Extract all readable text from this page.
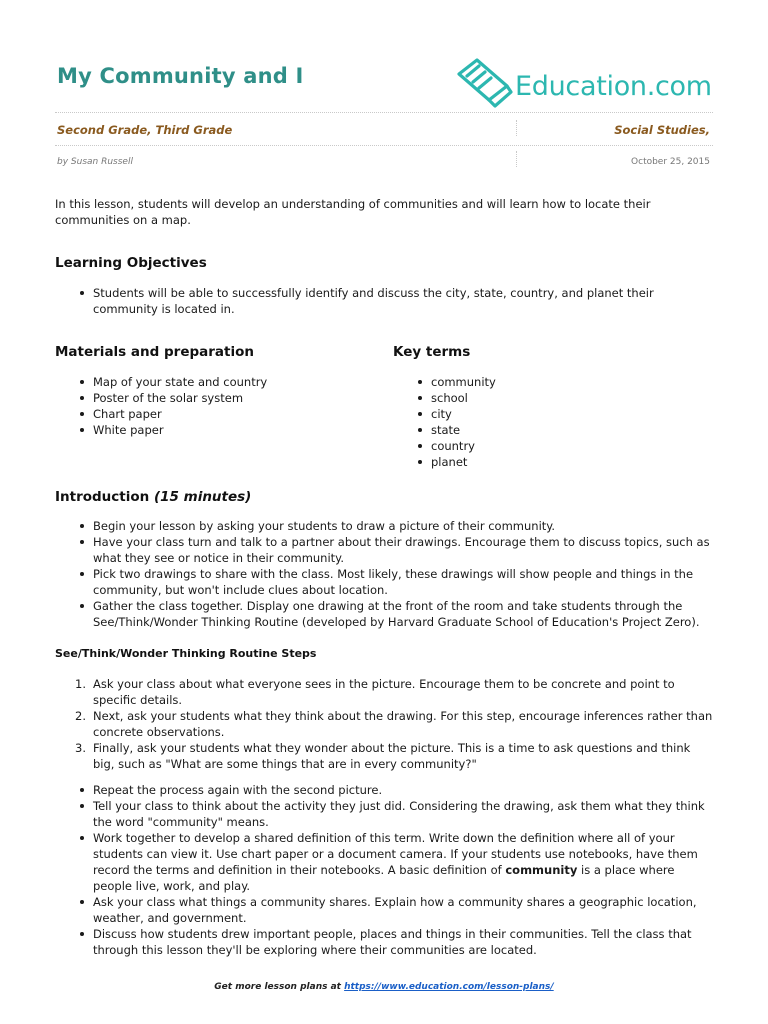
My Community and I	Education.com
Second Grade, Third Grade	Social Studies,
by Susan Russell	October 25, 2015

In this lesson, students will develop an understanding of communities and will learn how to locate their communities on a map.

Learning Objectives
Students will be able to successfully identify and discuss the city, state, country, and planet their community is located in.
Materials and preparation
Map of your state and country
Poster of the solar system
Chart paper
White paper
Key terms
community
school
city
state
country
planet
Introduction (15 minutes)
Begin your lesson by asking your students to draw a picture of their community.
Have your class turn and talk to a partner about their drawings. Encourage them to discuss topics, such as what they see or notice in their community.
Pick two drawings to share with the class. Most likely, these drawings will show people and things in the community, but won't include clues about location.
Gather the class together. Display one drawing at the front of the room and take students through the See/Think/Wonder Thinking Routine (developed by Harvard Graduate School of Education's Project Zero).
See/Think/Wonder Thinking Routine Steps
Ask your class about what everyone sees in the picture. Encourage them to be concrete and point to specific details.
Next, ask your students what they think about the drawing. For this step, encourage inferences rather than concrete observations.
Finally, ask your students what they wonder about the picture. This is a time to ask questions and think big, such as "What are some things that are in every community?"
Repeat the process again with the second picture.
Tell your class to think about the activity they just did. Considering the drawing, ask them what they think the word "community" means.
Work together to develop a shared definition of this term. Write down the definition where all of your students can view it. Use chart paper or a document camera. If your students use notebooks, have them record the terms and definition in their notebooks. A basic definition of community is a place where people live, work, and play.
Ask your class what things a community shares. Explain how a community shares a geographic location, weather, and government.
Discuss how students drew important people, places and things in their communities. Tell the class that through this lesson they'll be exploring where their communities are located.
Get more lesson plans at https://www.education.com/lesson-plans/
